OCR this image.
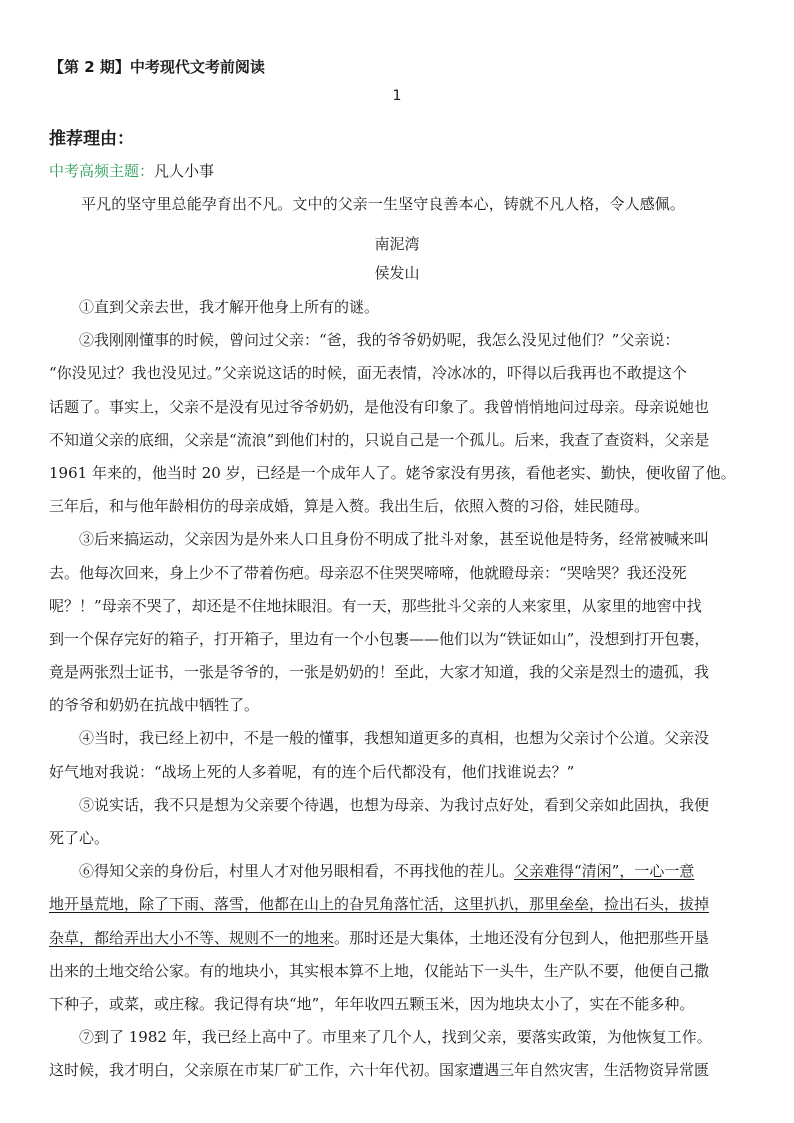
【第 2 期】中考现代文考前阅读
1
推荐理由：
中考高频主题：凡人小事
平凡的坚守里总能孕育出不凡。文中的父亲一生坚守良善本心，铸就不凡人格，令人感佩。
南泥湾
侯发山
①直到父亲去世，我才解开他身上所有的谜。
②我刚刚懂事的时候，曾问过父亲：“爸，我的爷爷奶奶呢，我怎么没见过他们？”父亲说：
“你没见过？我也没见过。”父亲说这话的时候，面无表情，冷冰冰的，吓得以后我再也不敢提这个
话题了。事实上，父亲不是没有见过爷爷奶奶，是他没有印象了。我曾悄悄地问过母亲。母亲说她也
不知道父亲的底细，父亲是“流浪”到他们村的，只说自己是一个孤儿。后来，我查了查资料，父亲是
1961 年来的，他当时 20 岁，已经是一个成年人了。姥爷家没有男孩，看他老实、勤快，便收留了他。
三年后，和与他年龄相仿的母亲成婚，算是入赘。我出生后，依照入赘的习俗，娃民随母。
③后来搞运动，父亲因为是外来人口且身份不明成了批斗对象，甚至说他是特务，经常被喊来叫
去。他每次回来，身上少不了带着伤疤。母亲忍不住哭哭啼啼，他就瞪母亲：“哭啥哭？我还没死
呢？！”母亲不哭了，却还是不住地抹眼泪。有一天，那些批斗父亲的人来家里，从家里的地窖中找
到一个保存完好的箱子，打开箱子，里边有一个小包裹——他们以为“铁证如山”，没想到打开包裹，
竟是两张烈士证书，一张是爷爷的，一张是奶奶的！至此，大家才知道，我的父亲是烈士的遗孤，我
的爷爷和奶奶在抗战中牺牲了。
④当时，我已经上初中，不是一般的懂事，我想知道更多的真相，也想为父亲讨个公道。父亲没
好气地对我说：“战场上死的人多着呢，有的连个后代都没有，他们找谁说去？”
⑤说实话，我不只是想为父亲要个待遇，也想为母亲、为我讨点好处，看到父亲如此固执，我便
死了心。
⑥得知父亲的身份后，村里人才对他另眼相看，不再找他的茬儿。父亲难得“清闲”，一心一意
地开垦荒地，除了下雨、落雪，他都在山上的旮旯角落忙活，这里扒扒，那里垒垒，捡出石头，拔掉
杂草，都给弄出大小不等、规则不一的地来。那时还是大集体，土地还没有分包到人，他把那些开垦
出来的土地交给公家。有的地块小，其实根本算不上地，仅能站下一头牛，生产队不要，他便自己撒
下种子，或菜，或庄稼。我记得有块“地”，年年收四五颗玉米，因为地块太小了，实在不能多种。
⑦到了 1982 年，我已经上高中了。市里来了几个人，找到父亲，要落实政策，为他恢复工作。
这时候，我才明白，父亲原在市某厂矿工作，六十年代初。国家遭遇三年自然灾害，生活物资异常匮
